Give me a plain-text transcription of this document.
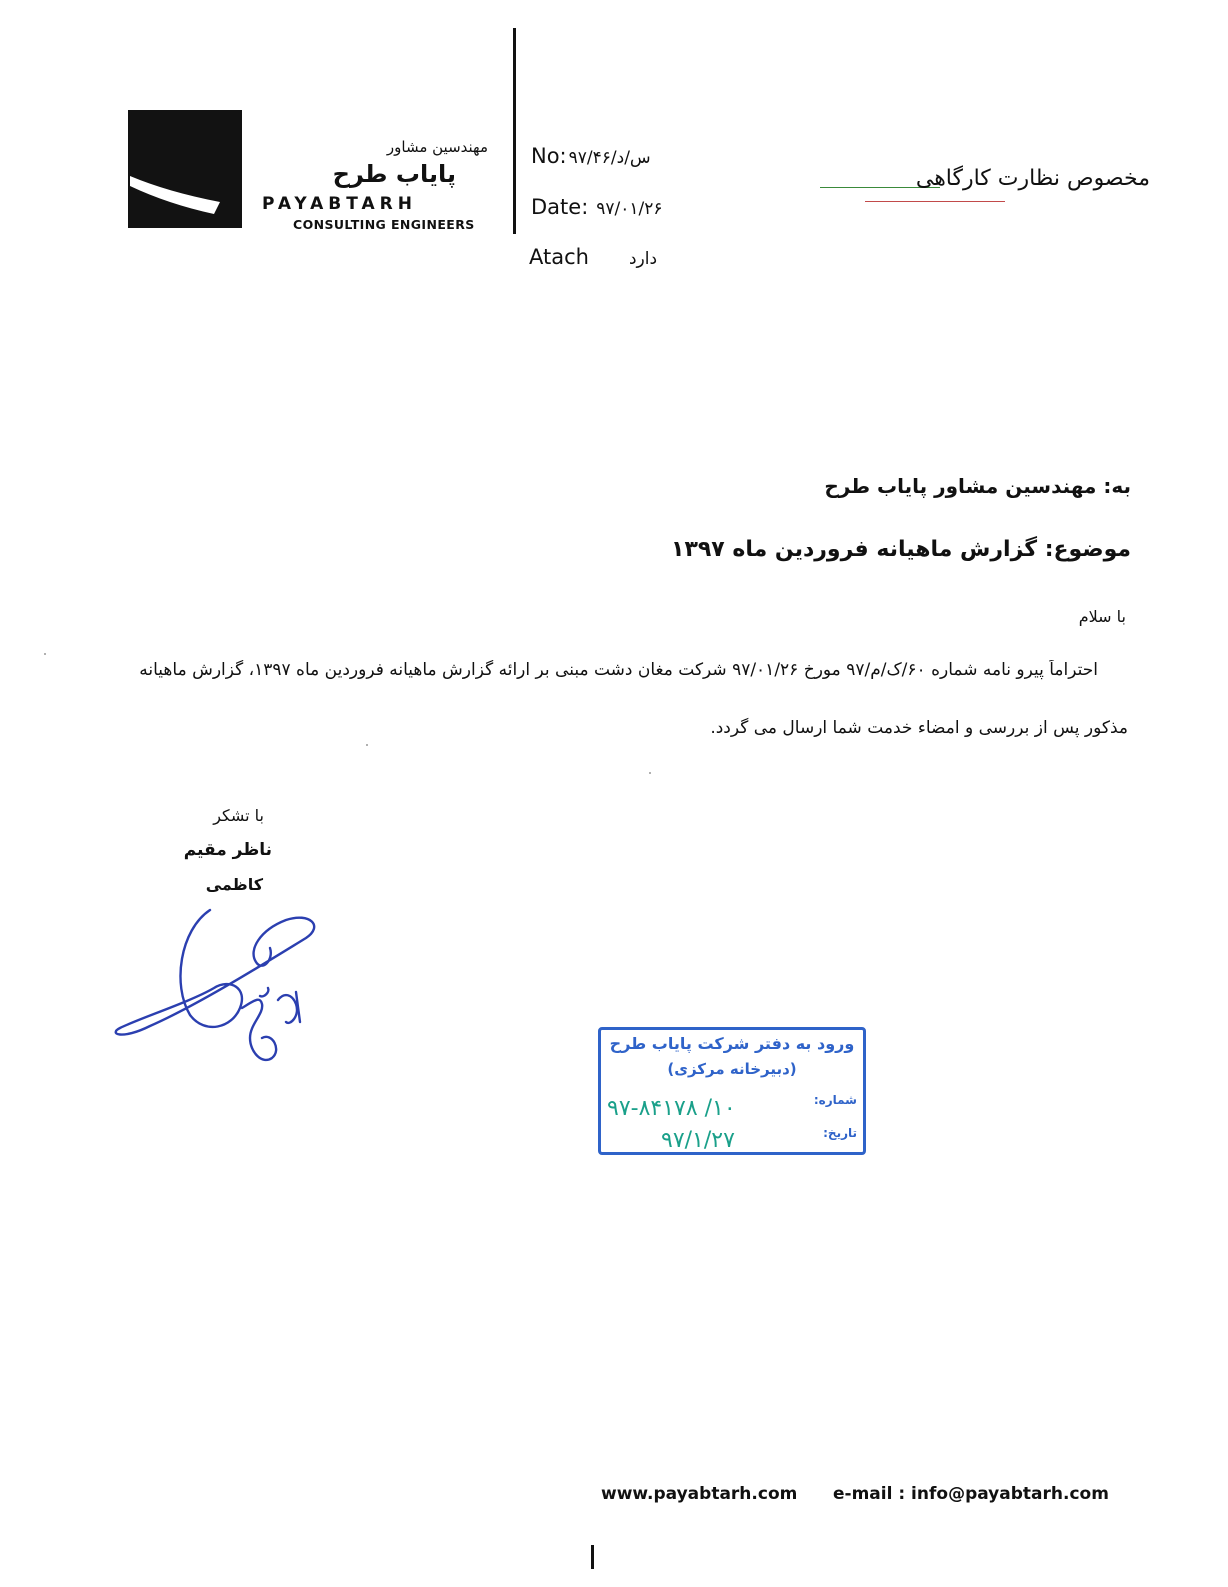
مهندسین مشاور
پایاب طرح
PAYABTARH
CONSULTING ENGINEERS
No: ۹۷/س/د/۴۶
Date: ۹۷/۰۱/۲۶
Atach دارد
مخصوص نظارت کارگاهی
به: مهندسین مشاور پایاب طرح
موضوع: گزارش ماهیانه فروردین ماه ۱۳۹۷
با سلام
احتراماً پیرو نامه شماره ۶۰/ک/م/۹۷ مورخ ۹۷/۰۱/۲۶ شرکت مغان دشت مبنی بر ارائه گزارش ماهیانه فروردین ماه ۱۳۹۷، گزارش ماهیانه
مذکور پس از بررسی و امضاء خدمت شما ارسال می گردد.
با تشکر
ناظر مقیم
کاظمی
ورود به دفتر شرکت پایاب طرح
(دبیرخانه مرکزی)
شماره:
تاریخ:
۹۷-۸۴۱۷۸ /۱۰
۹۷/۱/۲۷
www.payabtarh.com e-mail : info@payabtarh.com
